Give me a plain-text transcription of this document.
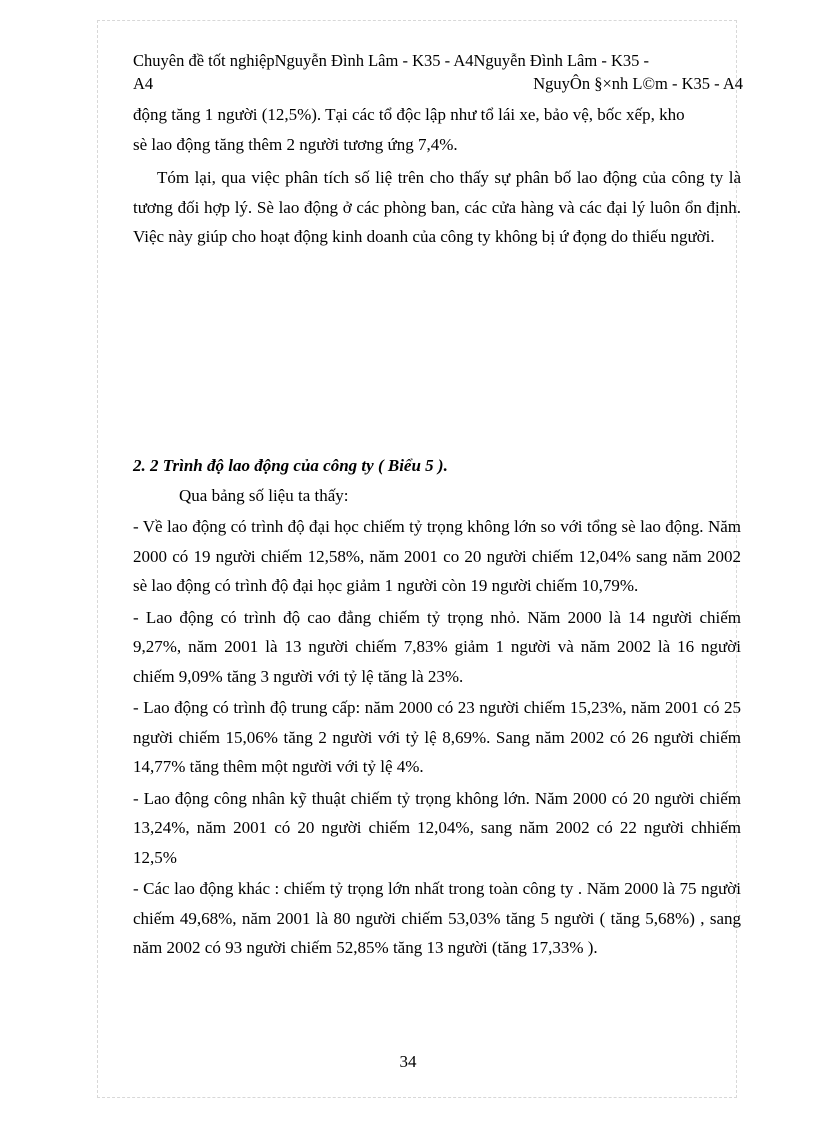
Chuyên đề tốt nghiệpNguyễn Đình Lâm - K35 - A4Nguyễn Đình Lâm - K35 -
A4	NguyÔn §×nh L©m - K35 - A4

động tăng 1 người (12,5%). Tại các tổ độc lập như tổ lái xe, bảo vệ, bốc xếp, kho

sè lao động tăng thêm 2 người tương ứng 7,4%.

Tóm lại, qua việc phân tích số liệ trên cho thấy sự phân bố lao động của công ty là tương đối hợp lý. Sè lao động ở các phòng ban, các cửa hàng và các đại lý luôn ổn định. Việc này giúp cho hoạt động kinh doanh của công ty không bị ứ đọng do thiếu người.

2. 2 Trình độ lao động của công ty ( Biểu 5 ).

Qua bảng số liệu ta thấy:

- Về lao động có trình độ đại học chiếm tỷ trọng không lớn so với tổng sè lao động. Năm 2000 có 19 người chiếm 12,58%, năm 2001 co 20 người chiếm 12,04% sang năm 2002 sè lao động có trình độ đại học giảm 1 người còn 19 người chiếm 10,79%.

- Lao động có trình độ cao đẳng chiếm tỷ trọng nhỏ. Năm 2000 là 14 người chiếm 9,27%, năm 2001 là 13 người chiếm 7,83% giảm 1 người và năm 2002 là 16 người chiếm 9,09% tăng 3 người với tỷ lệ tăng là 23%.

- Lao động có trình độ trung cấp: năm 2000 có 23 người chiếm 15,23%, năm 2001 có 25 người chiếm 15,06% tăng 2 người với tỷ lệ 8,69%. Sang năm 2002 có 26 người chiếm 14,77% tăng thêm một người với tỷ lệ 4%.

- Lao động công nhân kỹ thuật chiếm tỷ trọng không lớn. Năm 2000 có 20 người chiếm 13,24%, năm 2001 có 20 người chiếm 12,04%, sang năm 2002 có 22 người chhiếm 12,5%

- Các lao động khác : chiếm tỷ trọng lớn nhất trong toàn công ty . Năm 2000 là 75 người chiếm 49,68%, năm 2001 là 80 người chiếm 53,03% tăng 5 người ( tăng 5,68%) , sang năm 2002 có 93 người chiếm 52,85% tăng 13 người (tăng 17,33% ).

34
